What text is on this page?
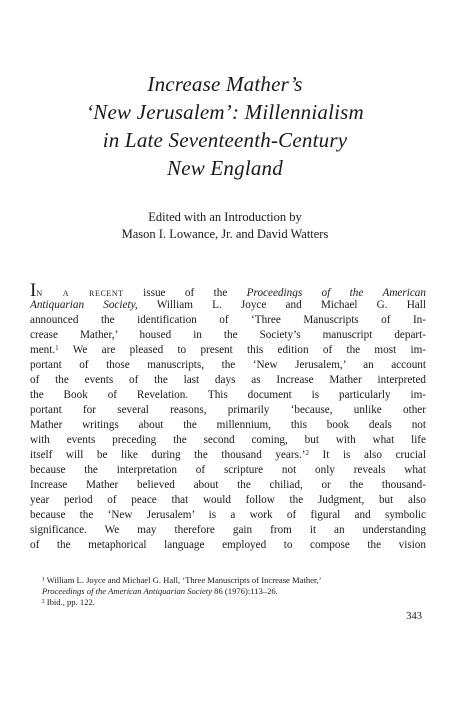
Increase Mather’s
‘New Jerusalem’: Millennialism
in Late Seventeenth-Century
New England
Edited with an Introduction by
Mason I. Lowance, Jr. and David Watters
In a recent issue of the Proceedings of the American
Antiquarian Society, William L. Joyce and Michael G. Hall
announced the identification of ‘Three Manuscripts of In-
crease Mather,’ housed in the Society’s manuscript depart-
ment.$^1$ We are pleased to present this edition of the most im-
portant of those manuscripts, the ‘New Jerusalem,’ an account
of the events of the last days as Increase Mather interpreted
the Book of Revelation. This document is particularly im-
portant for several reasons, primarily ‘because, unlike other
Mather writings about the millennium, this book deals not
with events preceding the second coming, but with what life
itself will be like during the thousand years.’$^2$ It is also crucial
because the interpretation of scripture not only reveals what
Increase Mather believed about the chiliad, or the thousand-
year period of peace that would follow the Judgment, but also
because the ‘New Jerusalem’ is a work of figural and symbolic
significance. We may therefore gain from it an understanding
of the metaphorical language employed to compose the vision
¹ William L. Joyce and Michael G. Hall, ‘Three Manuscripts of Increase Mather,’
Proceedings of the American Antiquarian Society 86 (1976):113–26.
² Ibid., pp. 122.
343
